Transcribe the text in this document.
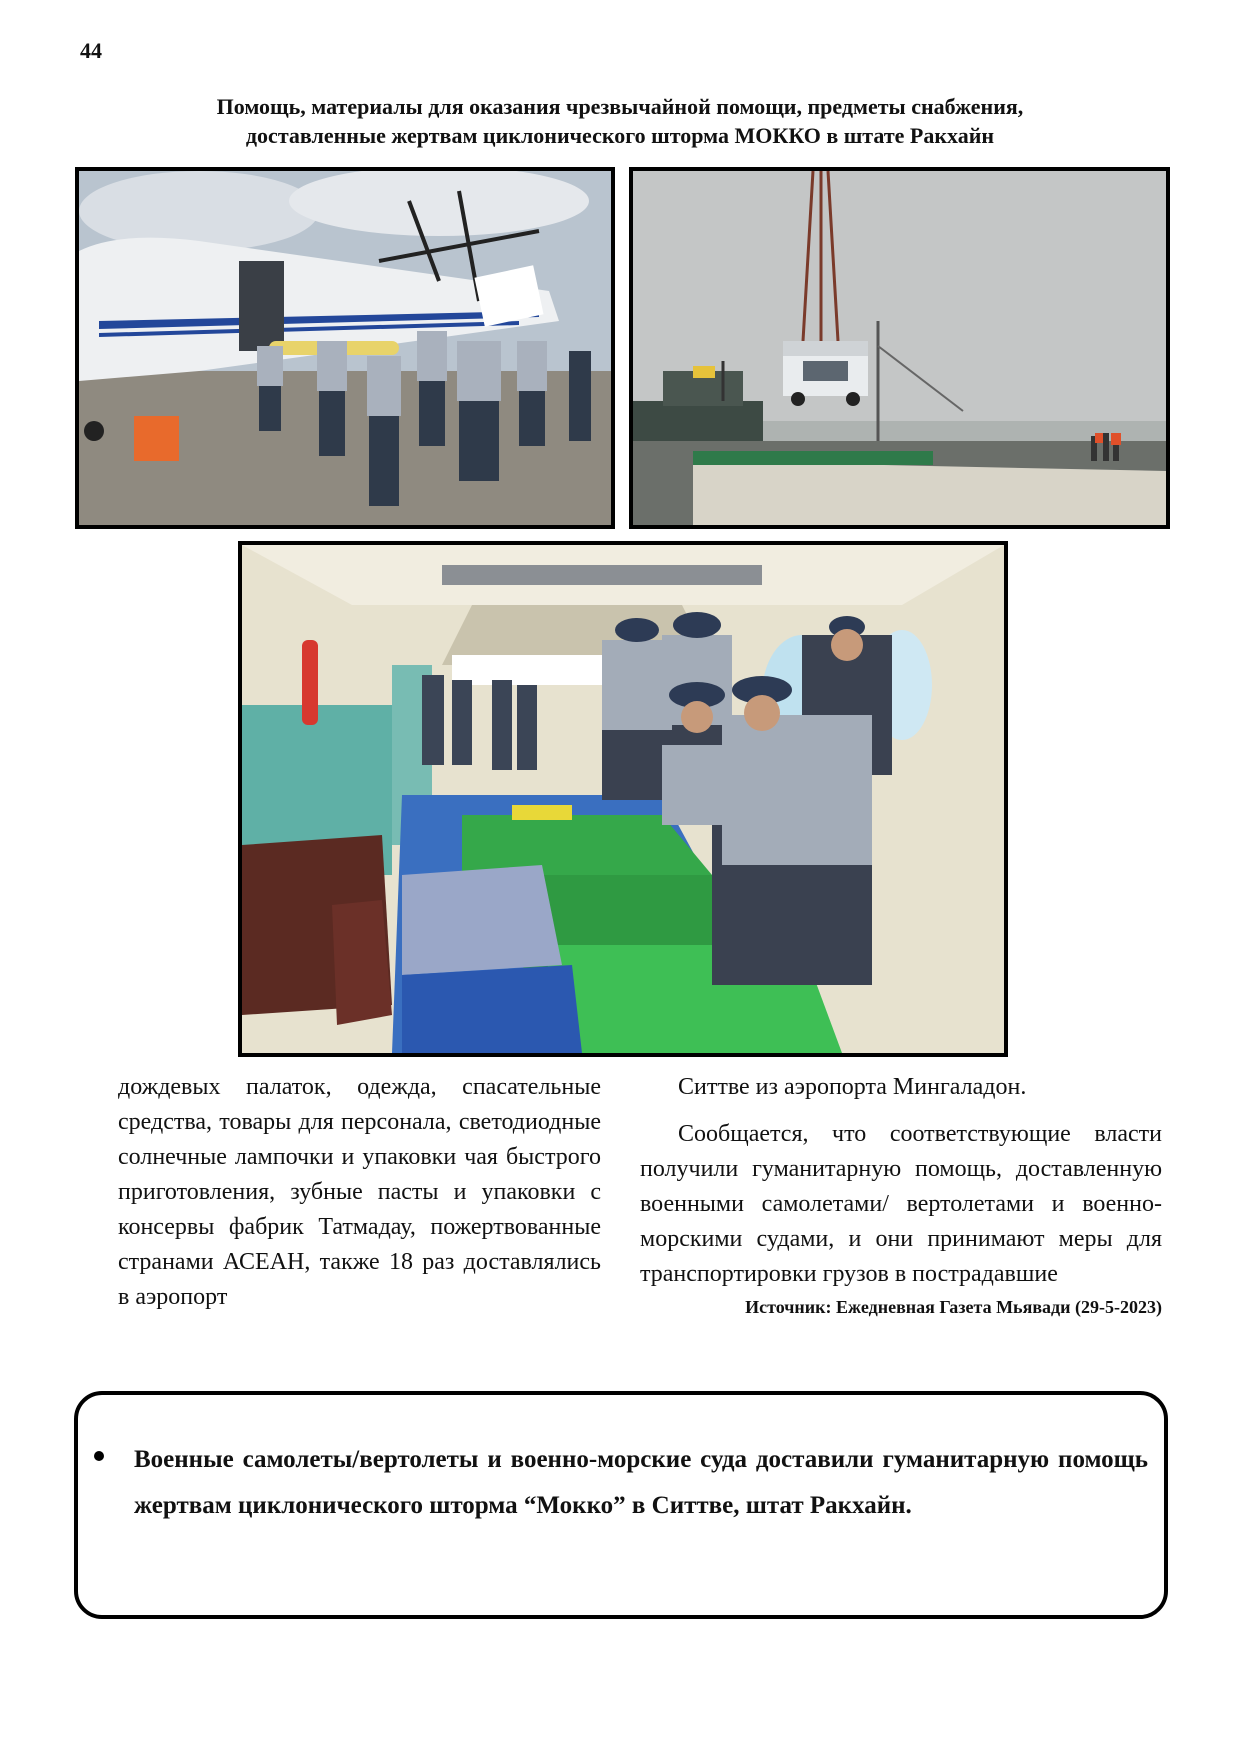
44
Помощь, материалы для оказания чрезвычайной помощи, предметы снабжения,
доставленные жертвам циклонического шторма МОККО в штате Ракхайн

дождевых палаток, одежда, спасательные средства, товары для персонала, светодиодные солнечные лампочки и упаковки чая быстрого приготовления, зубные пасты и упаковки с консервы фабрик Татмадау, пожертвованные странами АСЕАН, также 18 раз доставлялись в аэропорт

Ситтве из аэропорта Мингаладон.

Сообщается, что соответствующие власти получили гуманитарную помощь, доставленную военными самолетами/ вертолетами и военно-морскими судами, и они принимают меры для транспортировки грузов в пострадавшие

Источник: Ежедневная Газета Мьявади (29-5-2023)

Военные самолеты/вертолеты и военно-морские суда доставили гуманитарную помощь жертвам циклонического шторма “Мокко” в Ситтве, штат Ракхайн.
